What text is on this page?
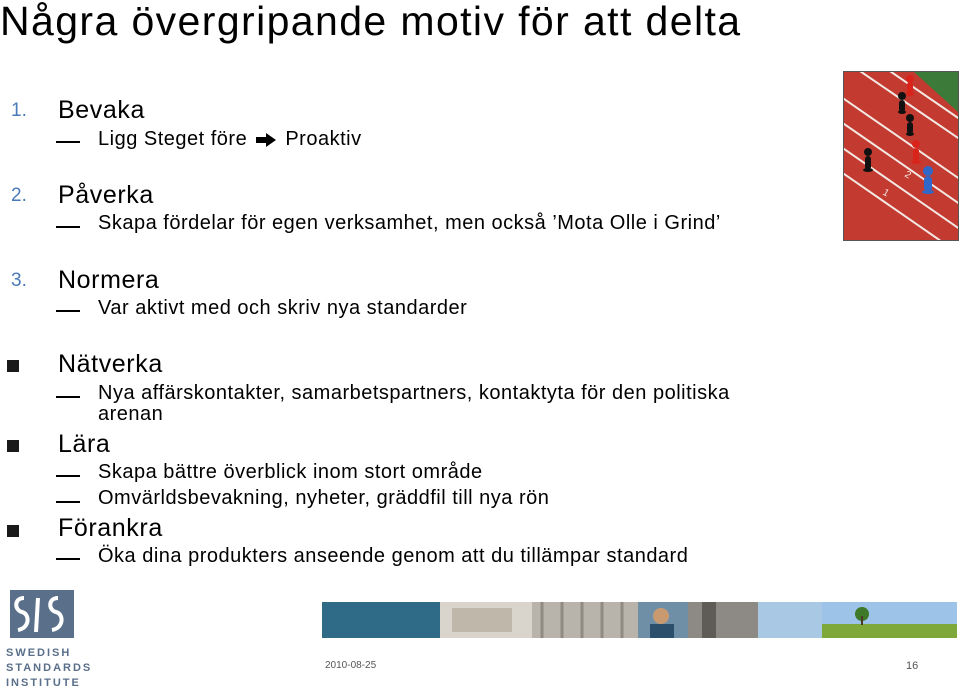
Några övergripande motiv för att delta
1. Bevaka
Ligg Steget före Proaktiv
2. Påverka
Skapa fördelar för egen verksamhet, men också ’Mota Olle i Grind’
3. Normera
Var aktivt med och skriv nya standarder
Nätverka
Nya affärskontakter, samarbetspartners, kontaktyta för den politiska
arenan
Lära
Skapa bättre överblick inom stort område
Omvärldsbevakning, nyheter, gräddfil till nya rön
Förankra
Öka dina produkters anseende genom att du tillämpar standard
1
2
SWEDISH
STANDARDS
INSTITUTE
2010-08-25	16
